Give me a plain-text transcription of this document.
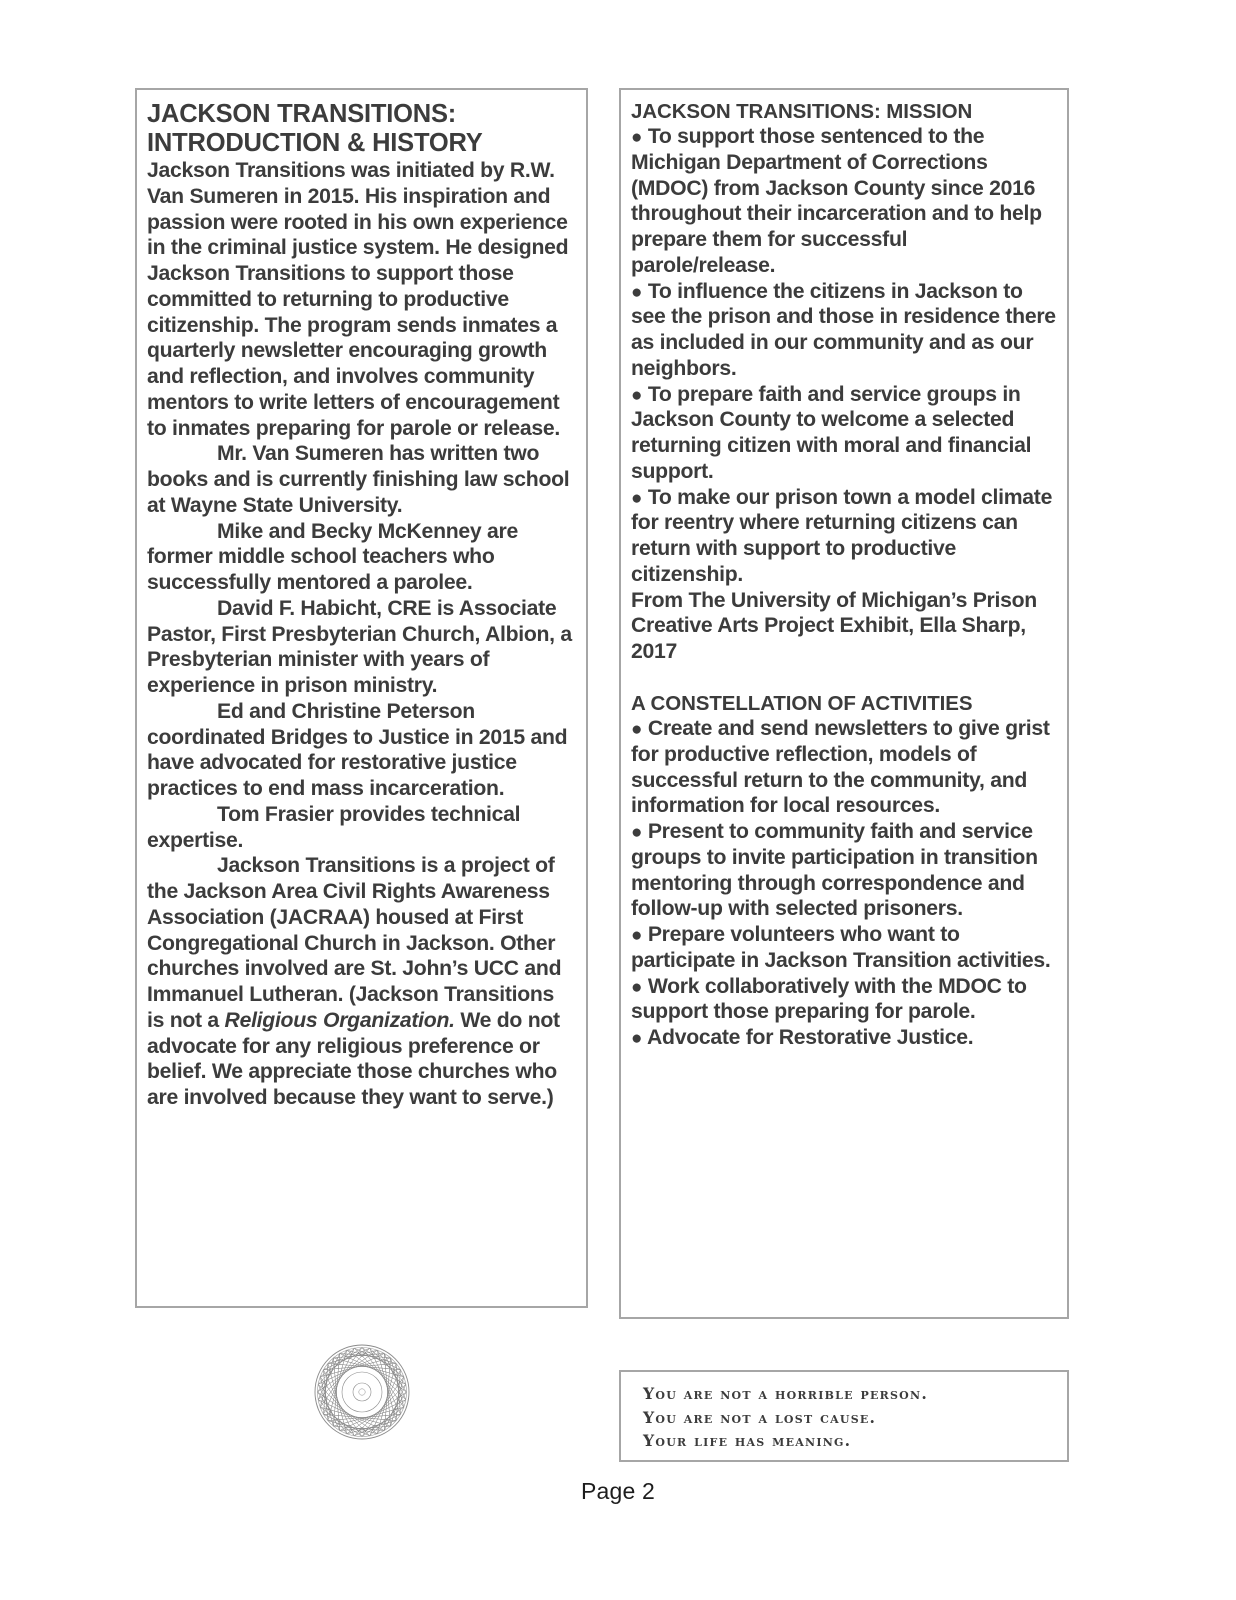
JACKSON TRANSITIONS:
INTRODUCTION & HISTORY

Jackson Transitions was initiated by R.W. Van Sumeren in 2015. His inspiration and passion were rooted in his own experience in the criminal justice system. He designed Jackson Transitions to support those committed to returning to productive citizenship. The program sends inmates a quarterly newsletter encouraging growth and reflection, and involves community mentors to write letters of encouragement to inmates preparing for parole or release.

Mr. Van Sumeren has written two books and is currently finishing law school at Wayne State University.

Mike and Becky McKenney are former middle school teachers who successfully mentored a parolee.

David F. Habicht, CRE is Associate Pastor, First Presbyterian Church, Albion, a Presbyterian minister with years of experience in prison ministry.

Ed and Christine Peterson coordinated Bridges to Justice in 2015 and have advocated for restorative justice practices to end mass incarceration.

Tom Frasier provides technical expertise.

Jackson Transitions is a project of the Jackson Area Civil Rights Awareness Association (JACRAA) housed at First Congregational Church in Jackson. Other churches involved are St. John’s UCC and Immanuel Lutheran. (Jackson Transitions is not a Religious Organization. We do not advocate for any religious preference or belief. We appreciate those churches who are involved because they want to serve.)

JACKSON TRANSITIONS: MISSION

● To support those sentenced to the Michigan Department of Corrections (MDOC) from Jackson County since 2016 throughout their incarceration and to help prepare them for successful parole/release.

● To influence the citizens in Jackson to see the prison and those in residence there as included in our community and as our neighbors.

● To prepare faith and service groups in Jackson County to welcome a selected returning citizen with moral and financial support.

● To make our prison town a model climate for reentry where returning citizens can return with support to productive citizenship.

From The University of Michigan’s Prison Creative Arts Project Exhibit, Ella Sharp, 2017

A CONSTELLATION OF ACTIVITIES

● Create and send newsletters to give grist for productive reflection, models of successful return to the community, and information for local resources.

● Present to community faith and service groups to invite participation in transition mentoring through correspondence and follow-up with selected prisoners.

● Prepare volunteers who want to participate in Jackson Transition activities.

● Work collaboratively with the MDOC to support those preparing for parole.

● Advocate for Restorative Justice.

You are not a horrible person.

You are not a lost cause.

Your life has meaning.

Page 2
